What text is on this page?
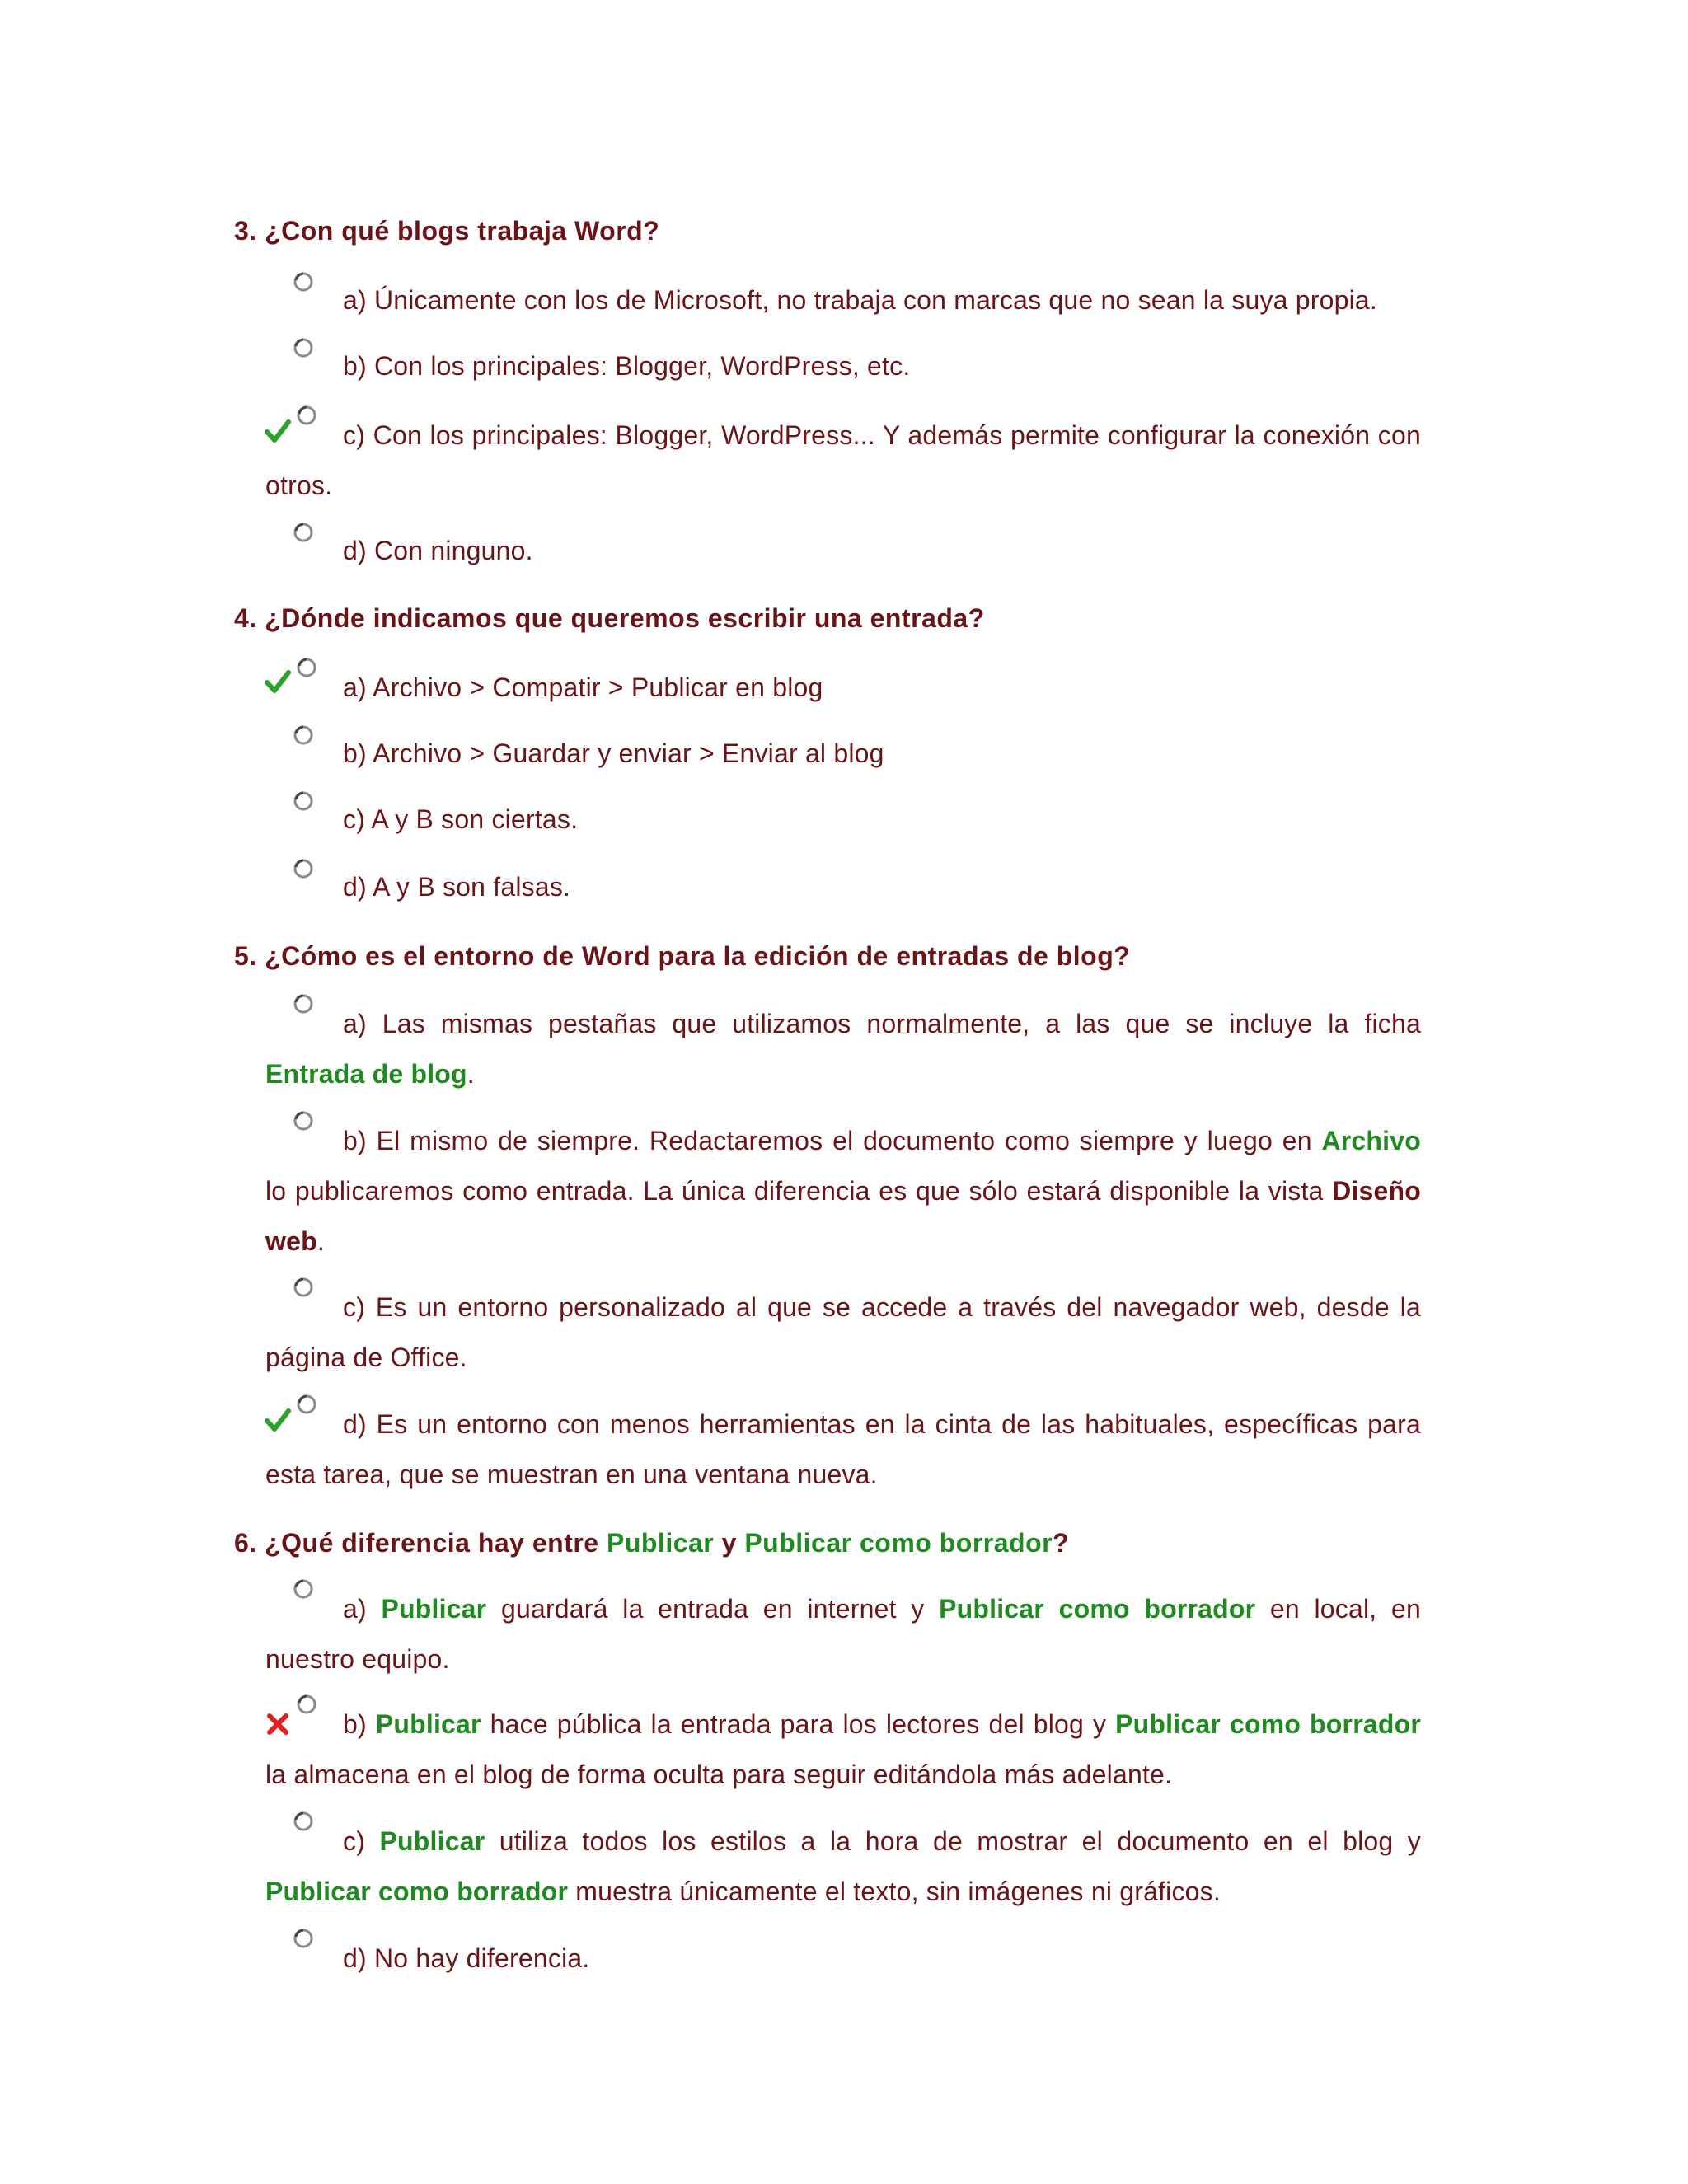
3. ¿Con qué blogs trabaja Word?

a) Únicamente con los de Microsoft, no trabaja con marcas que no sean la suya propia.

b) Con los principales: Blogger, WordPress, etc.

c) Con los principales: Blogger, WordPress... Y además permite configurar la conexión con otros.

d) Con ninguno.

4. ¿Dónde indicamos que queremos escribir una entrada?

a) Archivo > Compatir > Publicar en blog

b) Archivo > Guardar y enviar > Enviar al blog

c) A y B son ciertas.

d) A y B son falsas.

5. ¿Cómo es el entorno de Word para la edición de entradas de blog?

a) Las mismas pestañas que utilizamos normalmente, a las que se incluye la ficha Entrada de blog.

b) El mismo de siempre. Redactaremos el documento como siempre y luego en Archivo lo publicaremos como entrada. La única diferencia es que sólo estará disponible la vista Diseño web.

c) Es un entorno personalizado al que se accede a través del navegador web, desde la página de Office.

d) Es un entorno con menos herramientas en la cinta de las habituales, específicas para esta tarea, que se muestran en una ventana nueva.

6. ¿Qué diferencia hay entre Publicar y Publicar como borrador?

a) Publicar guardará la entrada en internet y Publicar como borrador en local, en nuestro equipo.

b) Publicar hace pública la entrada para los lectores del blog y Publicar como borrador la almacena en el blog de forma oculta para seguir editándola más adelante.

c) Publicar utiliza todos los estilos a la hora de mostrar el documento en el blog y Publicar como borrador muestra únicamente el texto, sin imágenes ni gráficos.

d) No hay diferencia.
